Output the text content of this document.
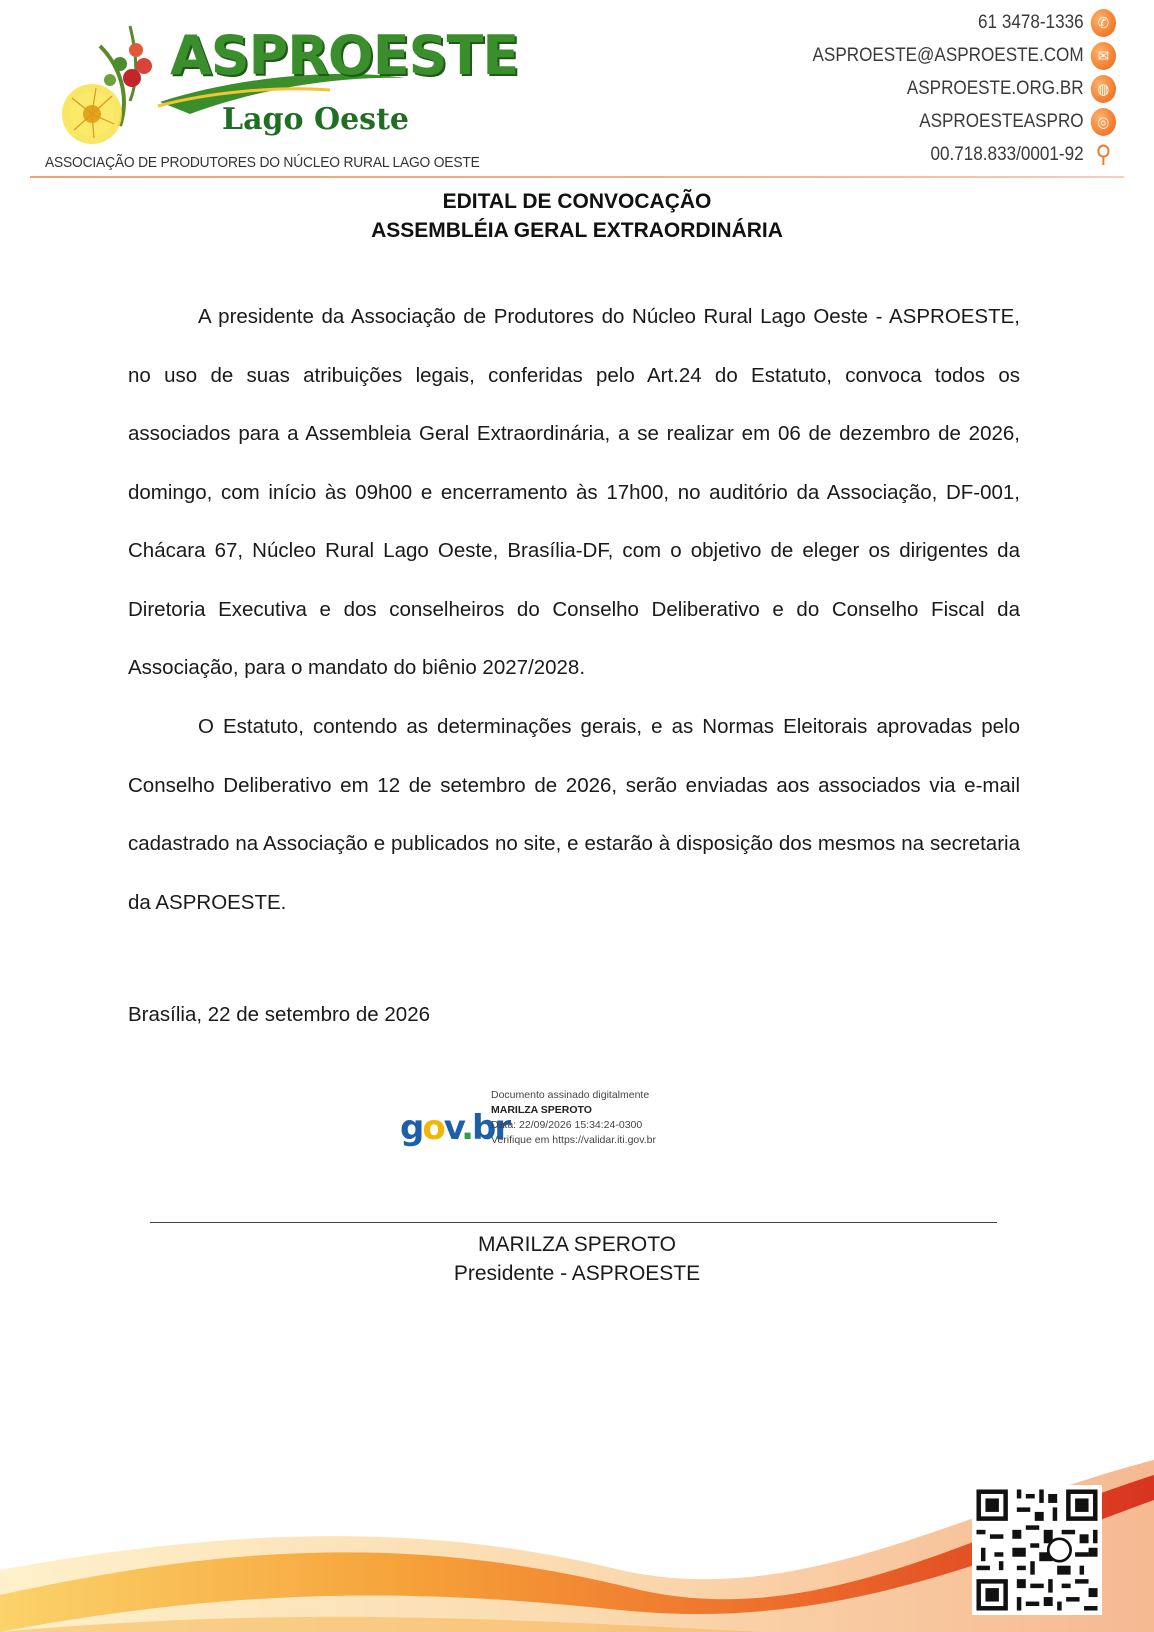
ASPROESTE
Lago Oeste
ASSOCIAÇÃO DE PRODUTORES DO NÚCLEO RURAL LAGO OESTE
61 3478-1336 ✆
ASPROESTE@ASPROESTE.COM ✉
ASPROESTE.ORG.BR ◍
ASPROESTEASPRO ◎
00.718.833/0001-92 ⚲
EDITAL DE CONVOCAÇÃO
ASSEMBLÉIA GERAL EXTRAORDINÁRIA

A presidente da Associação de Produtores do Núcleo Rural Lago Oeste - ASPROESTE, no uso de suas atribuições legais, conferidas pelo Art.24 do Estatuto, convoca todos os associados para a Assembleia Geral Extraordinária, a se realizar em 06 de dezembro de 2026, domingo, com início às 09h00 e encerramento às 17h00, no auditório da Associação, DF-001, Chácara 67, Núcleo Rural Lago Oeste, Brasília-DF, com o objetivo de eleger os dirigentes da Diretoria Executiva e dos conselheiros do Conselho Deliberativo e do Conselho Fiscal da Associação, para o mandato do biênio 2027/2028.

O Estatuto, contendo as determinações gerais, e as Normas Eleitorais aprovadas pelo Conselho Deliberativo em 12 de setembro de 2026, serão enviadas aos associados via e-mail cadastrado na Associação e publicados no site, e estarão à disposição dos mesmos na secretaria da ASPROESTE.

Brasília, 22 de setembro de 2026
gov.br
Documento assinado digitalmente
MARILZA SPEROTO
Data: 22/09/2026 15:34:24-0300
Verifique em https://validar.iti.gov.br
MARILZA SPEROTO
Presidente - ASPROESTE
